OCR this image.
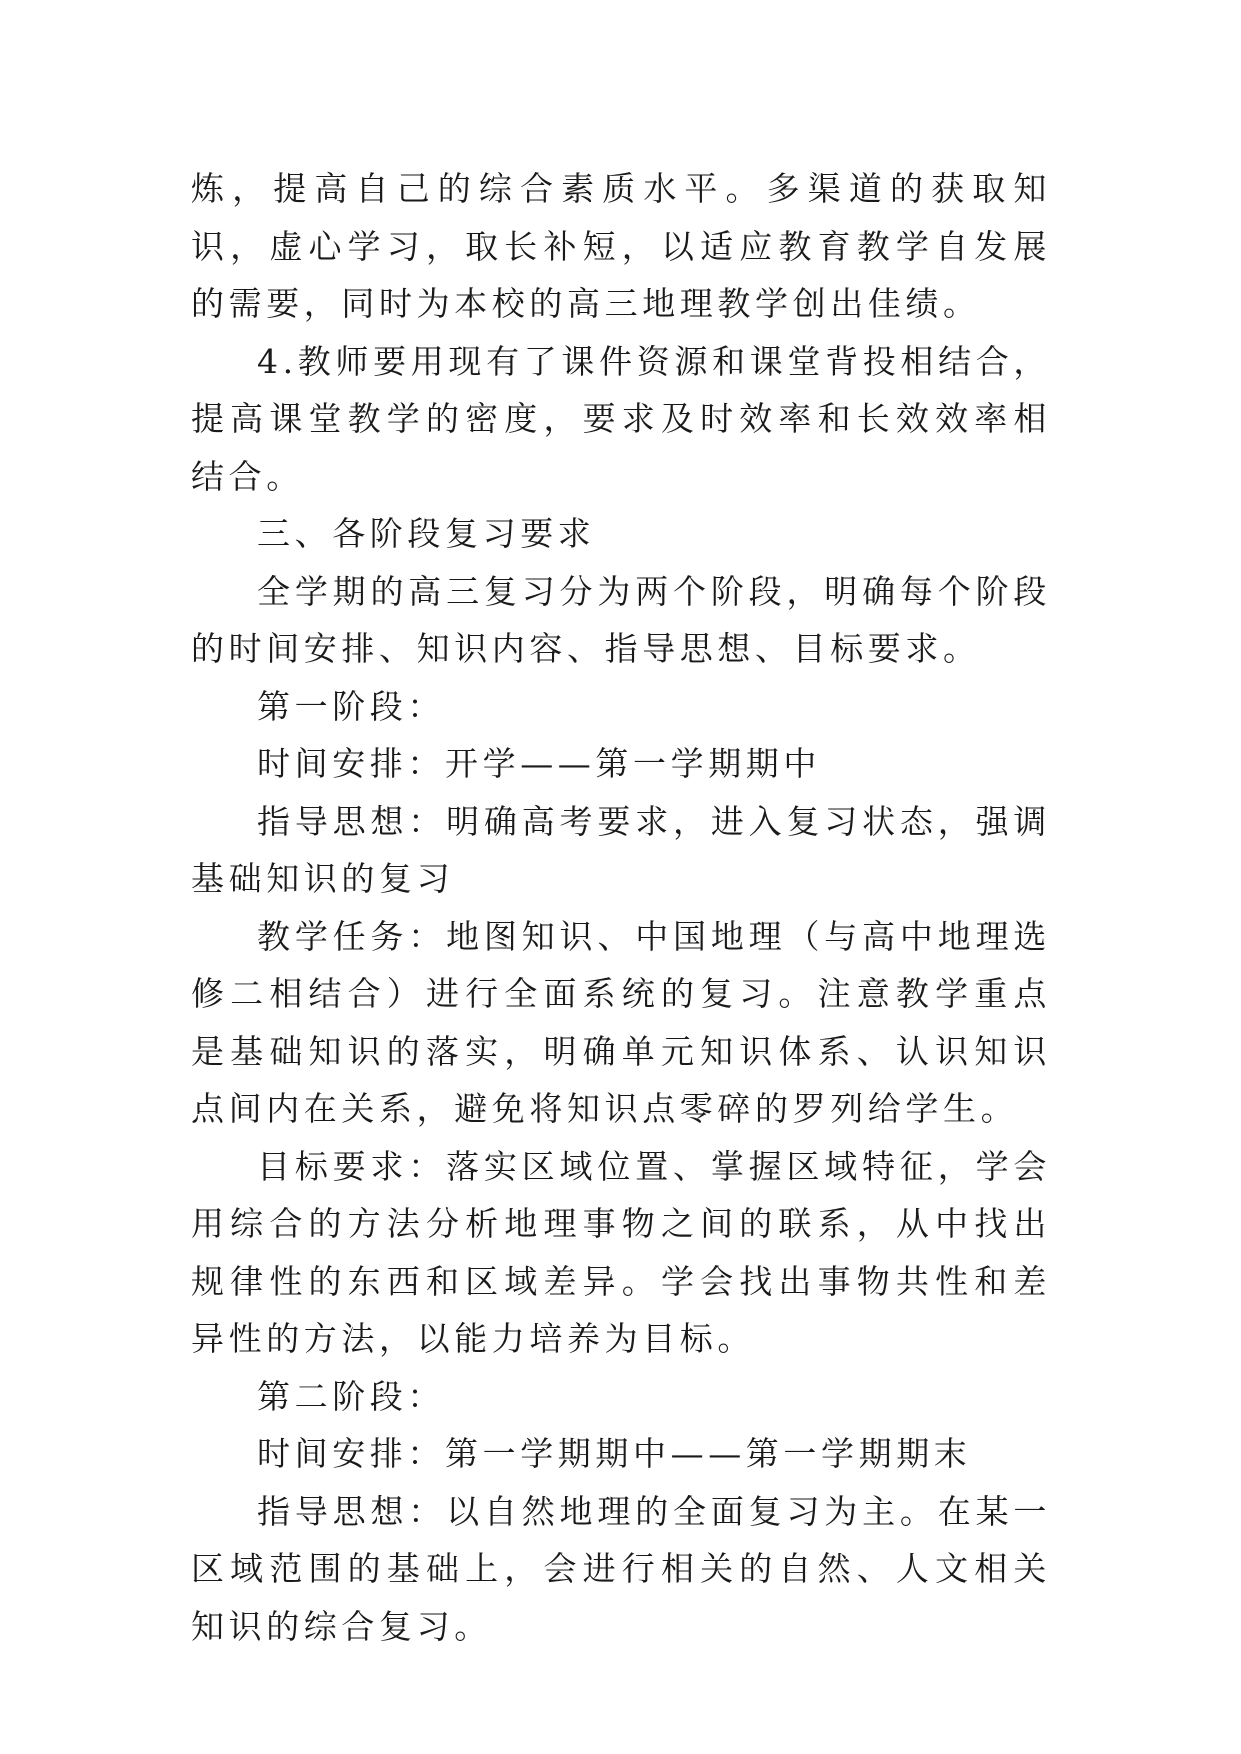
炼，提高自己的综合素质水平。多渠道的获取知识，虚心学习，取长补短，以适应教育教学自发展的需要，同时为本校的高三地理教学创出佳绩。

4.教师要用现有了课件资源和课堂背投相结合，提高课堂教学的密度，要求及时效率和长效效率相结合。

三、各阶段复习要求

全学期的高三复习分为两个阶段，明确每个阶段的时间安排、知识内容、指导思想、目标要求。

第一阶段：

时间安排：开学——第一学期期中

指导思想：明确高考要求，进入复习状态，强调基础知识的复习

教学任务：地图知识、中国地理（与高中地理选修二相结合）进行全面系统的复习。注意教学重点是基础知识的落实，明确单元知识体系、认识知识点间内在关系，避免将知识点零碎的罗列给学生。

目标要求：落实区域位置、掌握区域特征，学会用综合的方法分析地理事物之间的联系，从中找出规律性的东西和区域差异。学会找出事物共性和差异性的方法，以能力培养为目标。

第二阶段：

时间安排：第一学期期中——第一学期期末

指导思想：以自然地理的全面复习为主。在某一区域范围的基础上，会进行相关的自然、人文相关知识的综合复习。
